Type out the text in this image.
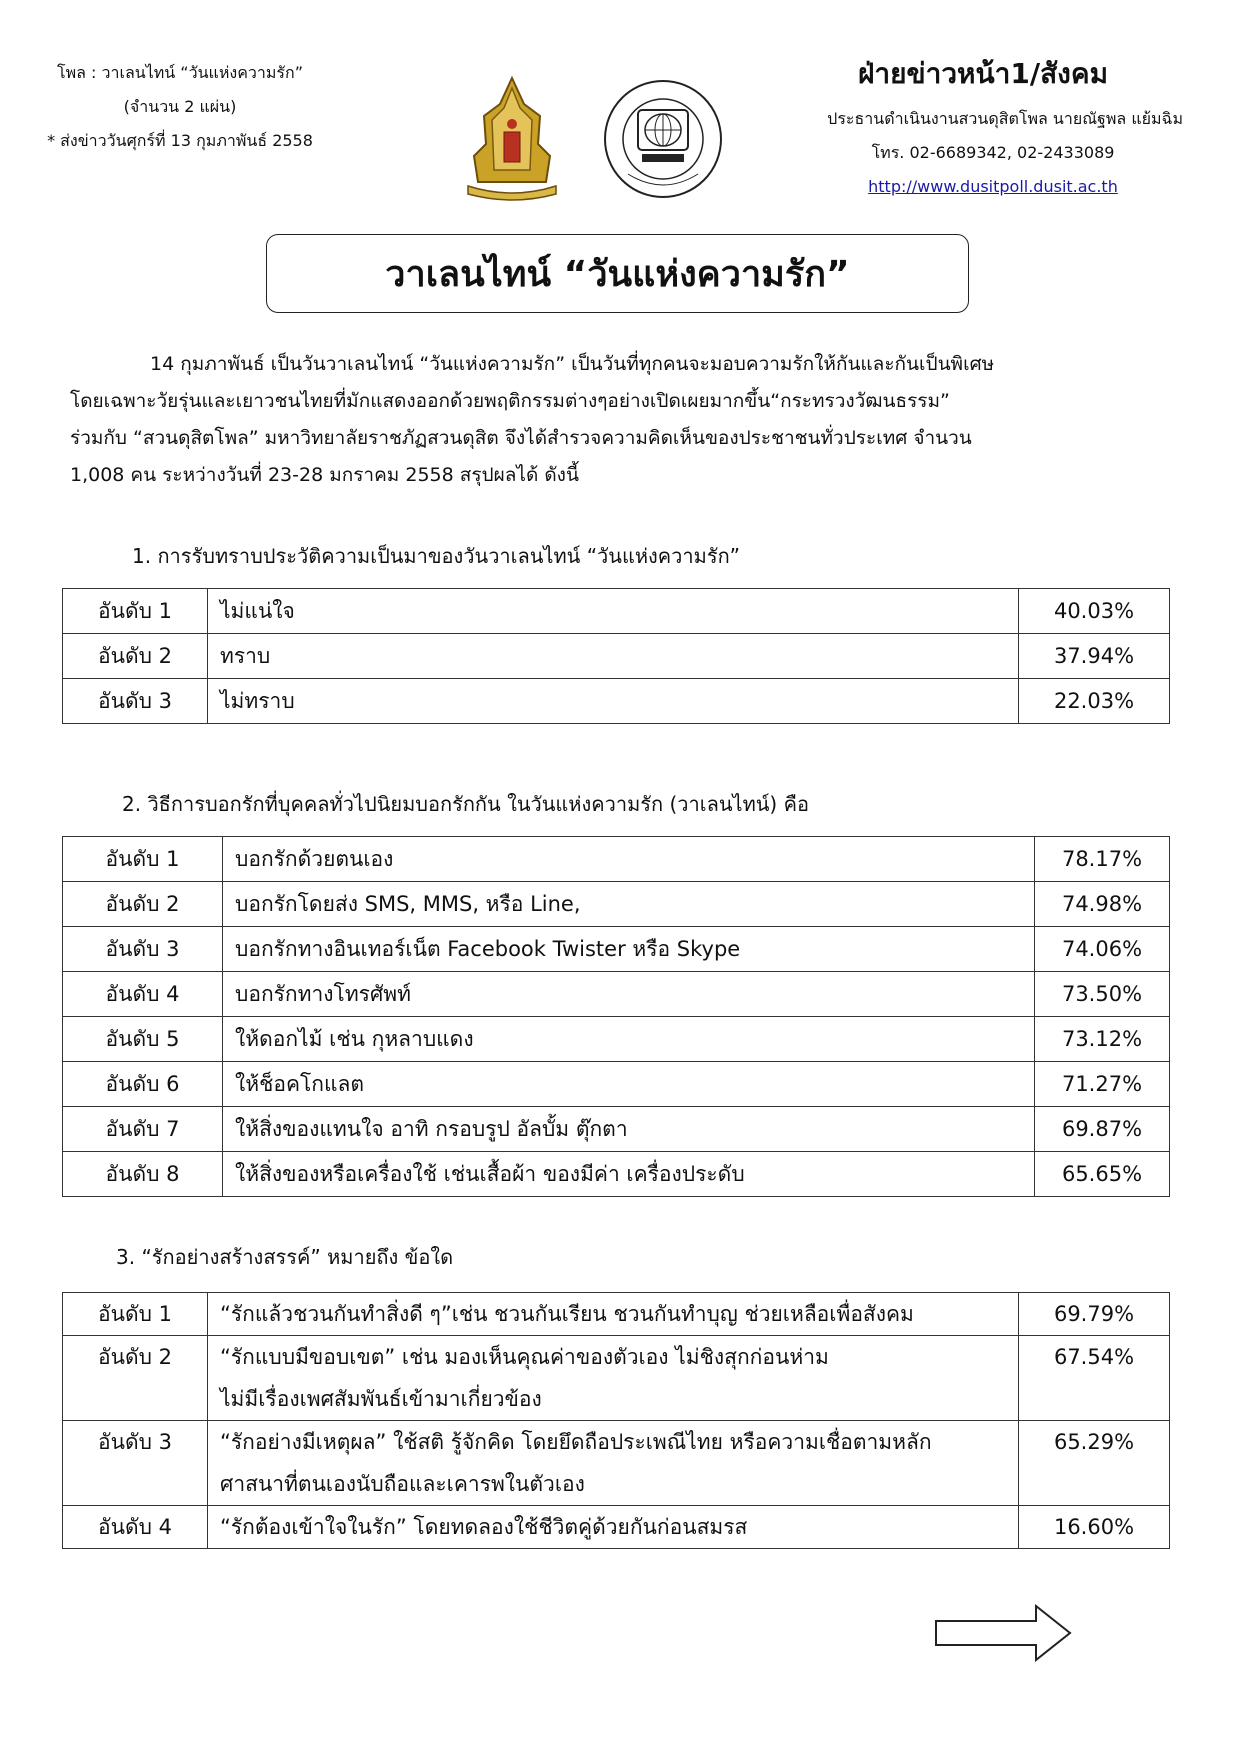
โพล : วาเลนไทน์ “วันแห่งความรัก”
(จำนวน 2 แผ่น)
* ส่งข่าววันศุกร์ที่ 13 กุมภาพันธ์ 2558
ฝ่ายข่าวหน้า1/สังคม
ประธานดำเนินงานสวนดุสิตโพล นายณัฐพล แย้มฉิม
โทร. 02-6689342, 02-2433089
http://www.dusitpoll.dusit.ac.th
วาเลนไทน์ “วันแห่งความรัก”
14 กุมภาพันธ์ เป็นวันวาเลนไทน์ “วันแห่งความรัก” เป็นวันที่ทุกคนจะมอบความรักให้กันและกันเป็นพิเศษ
โดยเฉพาะวัยรุ่นและเยาวชนไทยที่มักแสดงออกด้วยพฤติกรรมต่างๆอย่างเปิดเผยมากขึ้น“กระทรวงวัฒนธรรม”
ร่วมกับ “สวนดุสิตโพล” มหาวิทยาลัยราชภัฏสวนดุสิต จึงได้สำรวจความคิดเห็นของประชาชนทั่วประเทศ จำนวน
1,008 คน ระหว่างวันที่ 23-28 มกราคม 2558 สรุปผลได้ ดังนี้
1. การรับทราบประวัติความเป็นมาของวันวาเลนไทน์ “วันแห่งความรัก”
อันดับ 1	ไม่แน่ใจ	40.03%
อันดับ 2	ทราบ	37.94%
อันดับ 3	ไม่ทราบ	22.03%
2. วิธีการบอกรักที่บุคคลทั่วไปนิยมบอกรักกัน ในวันแห่งความรัก (วาเลนไทน์) คือ
อันดับ 1	บอกรักด้วยตนเอง	78.17%
อันดับ 2	บอกรักโดยส่ง SMS, MMS, หรือ Line,	74.98%
อันดับ 3	บอกรักทางอินเทอร์เน็ต Facebook Twister หรือ Skype	74.06%
อันดับ 4	บอกรักทางโทรศัพท์	73.50%
อันดับ 5	ให้ดอกไม้ เช่น กุหลาบแดง	73.12%
อันดับ 6	ให้ช็อคโกแลต	71.27%
อันดับ 7	ให้สิ่งของแทนใจ อาทิ กรอบรูป อัลบั้ม ตุ๊กตา	69.87%
อันดับ 8	ให้สิ่งของหรือเครื่องใช้ เช่นเสื้อผ้า ของมีค่า เครื่องประดับ	65.65%
3. “รักอย่างสร้างสรรค์” หมายถึง ข้อใด
อันดับ 1	“รักแล้วชวนกันทำสิ่งดี ๆ”เช่น ชวนกันเรียน ชวนกันทำบุญ ช่วยเหลือเพื่อสังคม	69.79%
อันดับ 2	“รักแบบมีขอบเขต” เช่น มองเห็นคุณค่าของตัวเอง ไม่ชิงสุกก่อนห่าม
ไม่มีเรื่องเพศสัมพันธ์เข้ามาเกี่ยวข้อง	67.54%
อันดับ 3	“รักอย่างมีเหตุผล” ใช้สติ รู้จักคิด โดยยึดถือประเพณีไทย หรือความเชื่อตามหลัก
ศาสนาที่ตนเองนับถือและเคารพในตัวเอง	65.29%
อันดับ 4	“รักต้องเข้าใจในรัก” โดยทดลองใช้ชีวิตคู่ด้วยกันก่อนสมรส	16.60%
